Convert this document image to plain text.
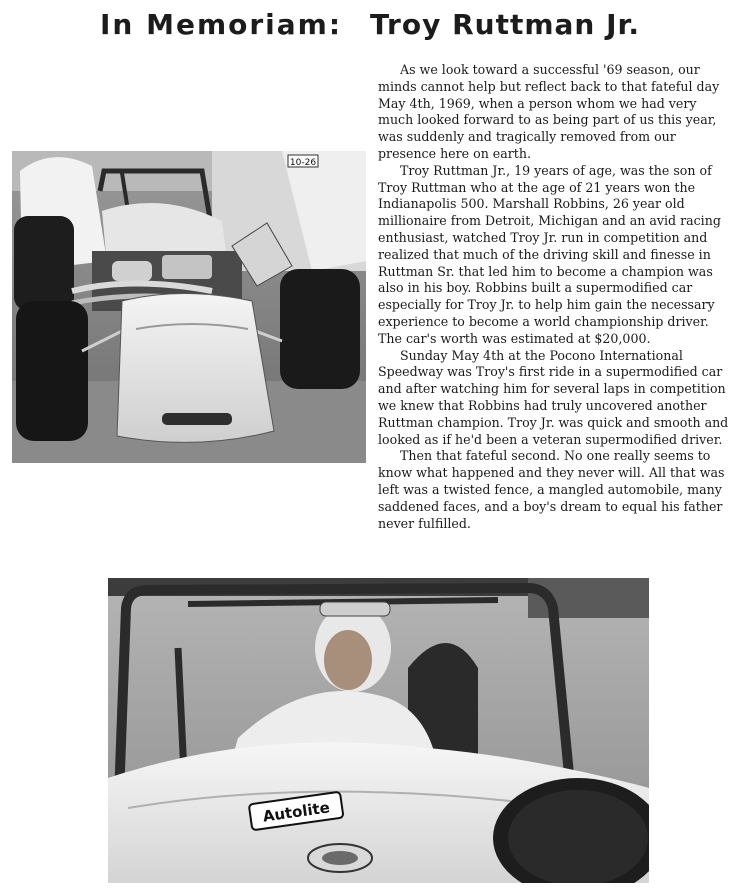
In Memoriam: Troy Ruttman Jr.
10-26

As we look toward a successful '69 season, our minds cannot help but reflect back to that fateful day May 4th, 1969, when a person whom we had very much looked forward to as being part of us this year, was suddenly and tragically removed from our presence here on earth.

Troy Ruttman Jr., 19 years of age, was the son of Troy Ruttman who at the age of 21 years won the Indianapolis 500. Marshall Robbins, 26 year old millionaire from Detroit, Michigan and an avid racing enthusiast, watched Troy Jr. run in competition and realized that much of the driving skill and finesse in Ruttman Sr. that led him to become a champion was also in his boy. Robbins built a supermodified car especially for Troy Jr. to help him gain the necessary experience to become a world championship driver. The car's worth was estimated at $20,000.

Sunday May 4th at the Pocono International Speedway was Troy's first ride in a supermodified car and after watching him for several laps in competition we knew that Robbins had truly uncovered another Ruttman champion. Troy Jr. was quick and smooth and looked as if he'd been a veteran supermodified driver.

Then that fateful second. No one really seems to know what happened and they never will. All that was left was a twisted fence, a mangled automobile, many saddened faces, and a boy's dream to equal his father never fulfilled.

Autolite
